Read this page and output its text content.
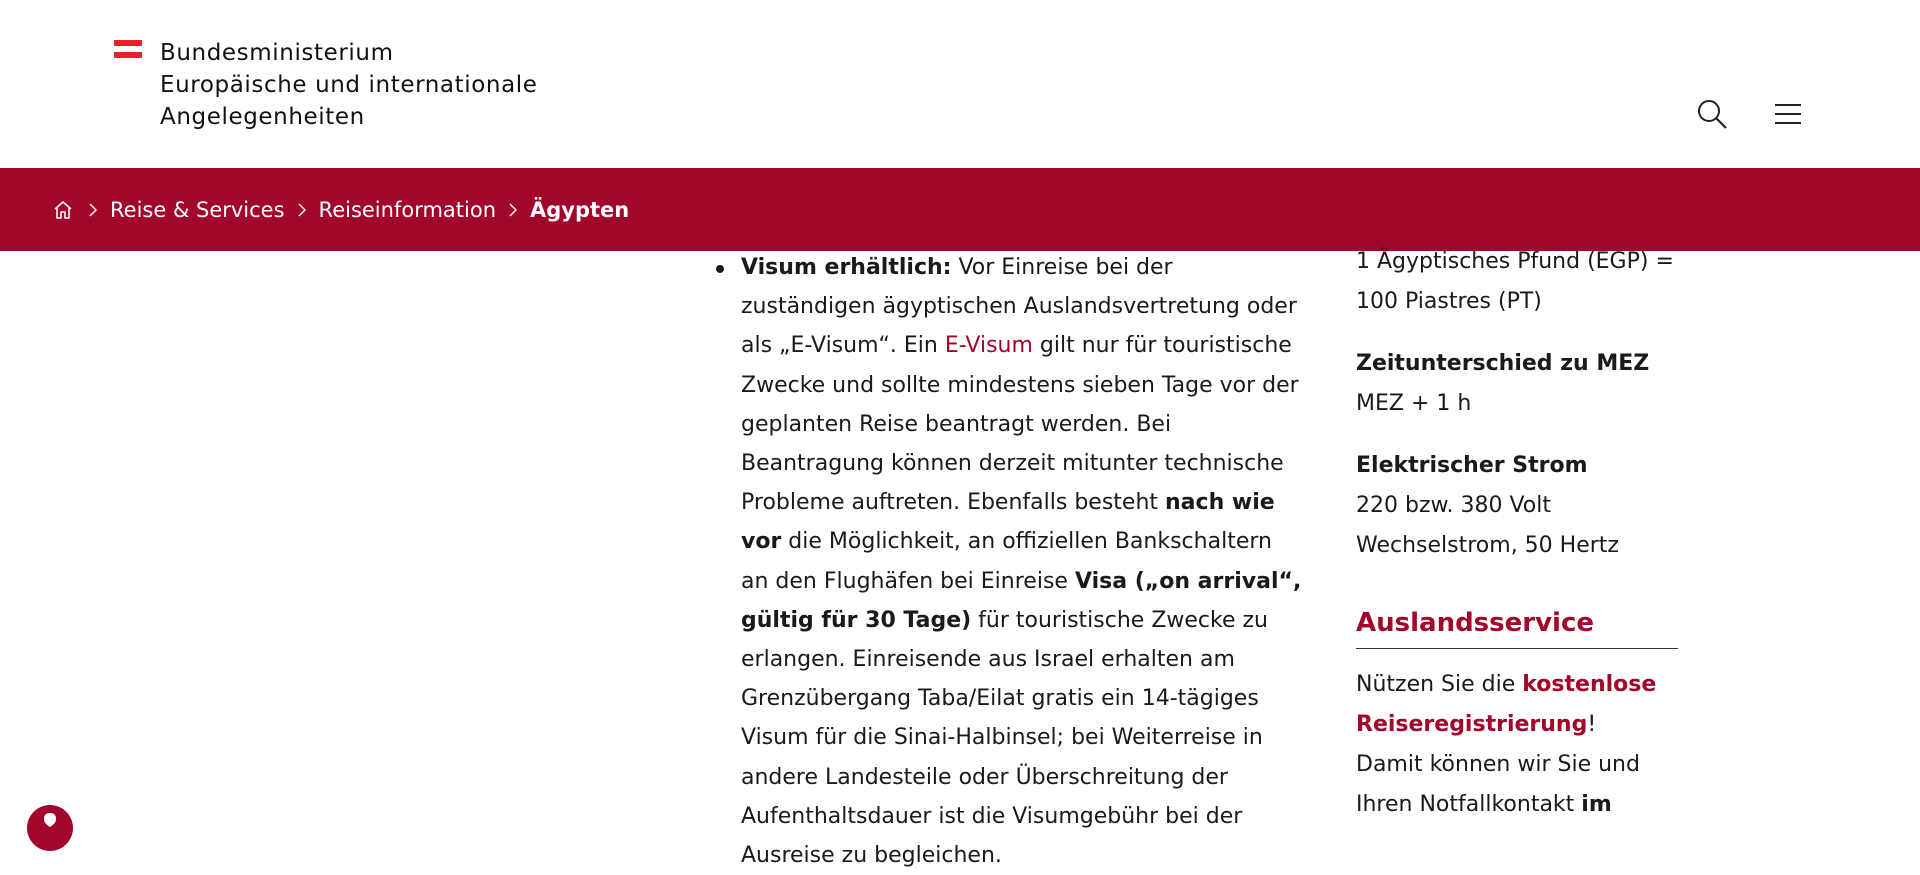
Bundesministerium
Europäische und internationale
Angelegenheiten
Reise & Services Reiseinformation Ägypten
Visum erhältlich: Vor Einreise bei der zuständigen ägyptischen Auslandsvertretung oder als „E-Visum“. Ein E-Visum gilt nur für touristische Zwecke und sollte mindestens sieben Tage vor der geplanten Reise beantragt werden. Bei Beantragung können derzeit mitunter technische Probleme auftreten. Ebenfalls besteht nach wie vor die Möglichkeit, an offiziellen Bankschaltern an den Flughäfen bei Einreise Visa („on arrival“, gültig für 30 Tage) für touristische Zwecke zu erlangen. Einreisende aus Israel erhalten am Grenzübergang Taba/Eilat gratis ein 14-tägiges Visum für die Sinai-Halbinsel; bei Weiterreise in andere Landesteile oder Überschreitung der Aufenthaltsdauer ist die Visumgebühr bei der Ausreise zu begleichen.
1 Ägyptisches Pfund (EGP) =
100 Piastres (PT)
Zeitunterschied zu MEZ
MEZ + 1 h
Elektrischer Strom
220 bzw. 380 Volt
Wechselstrom, 50 Hertz
Auslandsservice
Nützen Sie die kostenlose Reiseregistrierung!
Damit können wir Sie und
Ihren Notfallkontakt im
